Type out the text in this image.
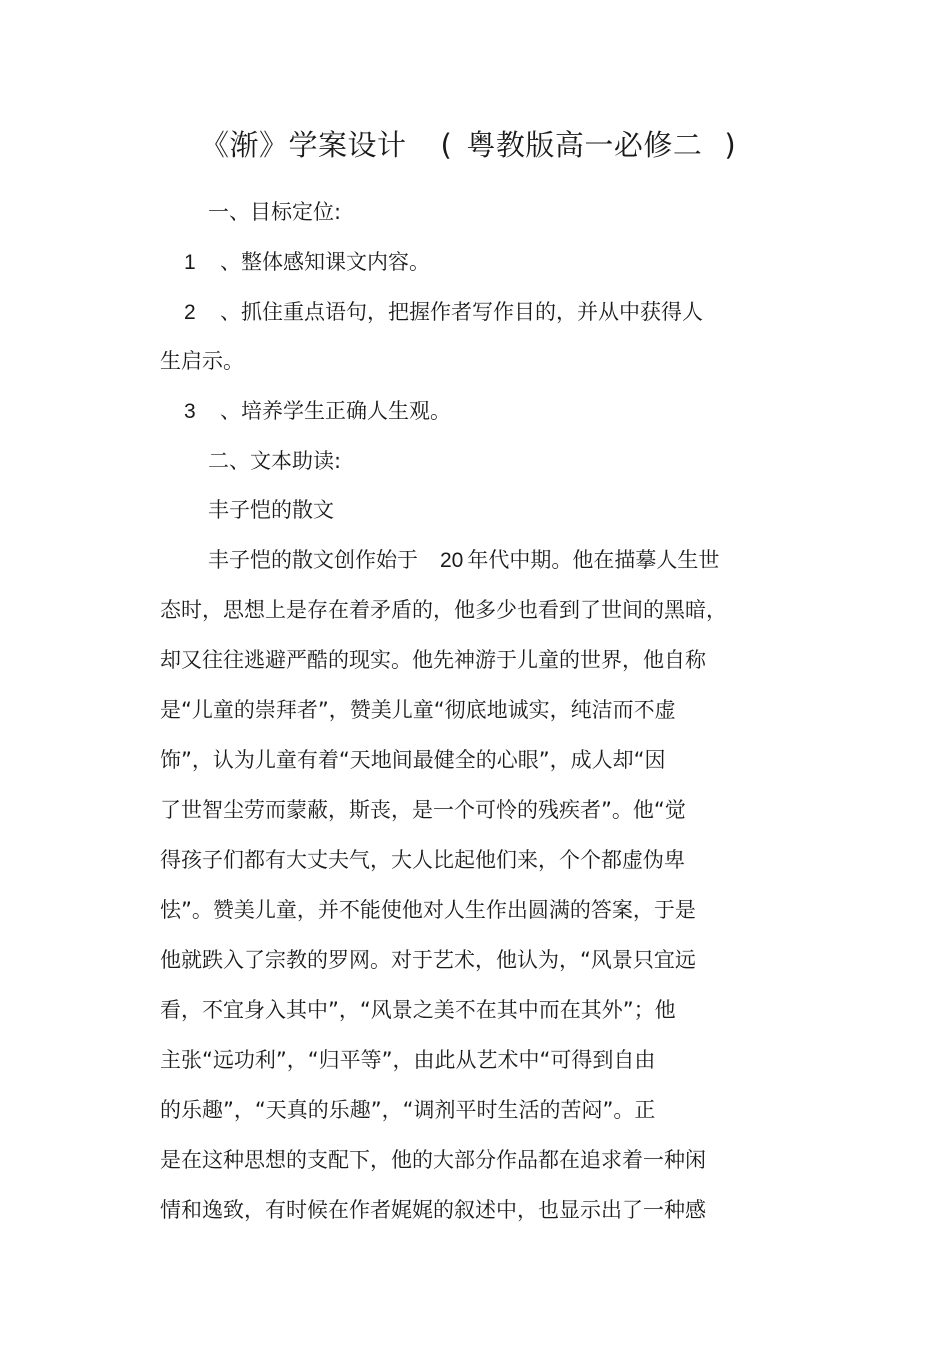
《渐》学案设计 ( 粤教版高一必修二 )
一、目标定位:
1 、整体感知课文内容。
2 、抓住重点语句，把握作者写作目的，并从中获得人
生启示。
3 、培养学生正确人生观。
二、文本助读:
丰子恺的散文
丰子恺的散文创作始于 20 年代中期。他在描摹人生世
态时，思想上是存在着矛盾的，他多少也看到了世间的黑暗，
却又往往逃避严酷的现实。他先神游于儿童的世界，他自称
是“儿童的崇拜者”，赞美儿童“彻底地诚实，纯洁而不虚
饰”，认为儿童有着“天地间最健全的心眼”，成人却“因
了世智尘劳而蒙蔽，斯丧，是一个可怜的残疾者”。他“觉
得孩子们都有大丈夫气，大人比起他们来，个个都虚伪卑
怯”。赞美儿童，并不能使他对人生作出圆满的答案，于是
他就跌入了宗教的罗网。对于艺术，他认为，“风景只宜远
看，不宜身入其中”，“风景之美不在其中而在其外”；他
主张“远功利”，“归平等”，由此从艺术中“可得到自由
的乐趣”，“天真的乐趣”，“调剂平时生活的苦闷”。正
是在这种思想的支配下，他的大部分作品都在追求着一种闲
情和逸致，有时候在作者娓娓的叙述中，也显示出了一种感
